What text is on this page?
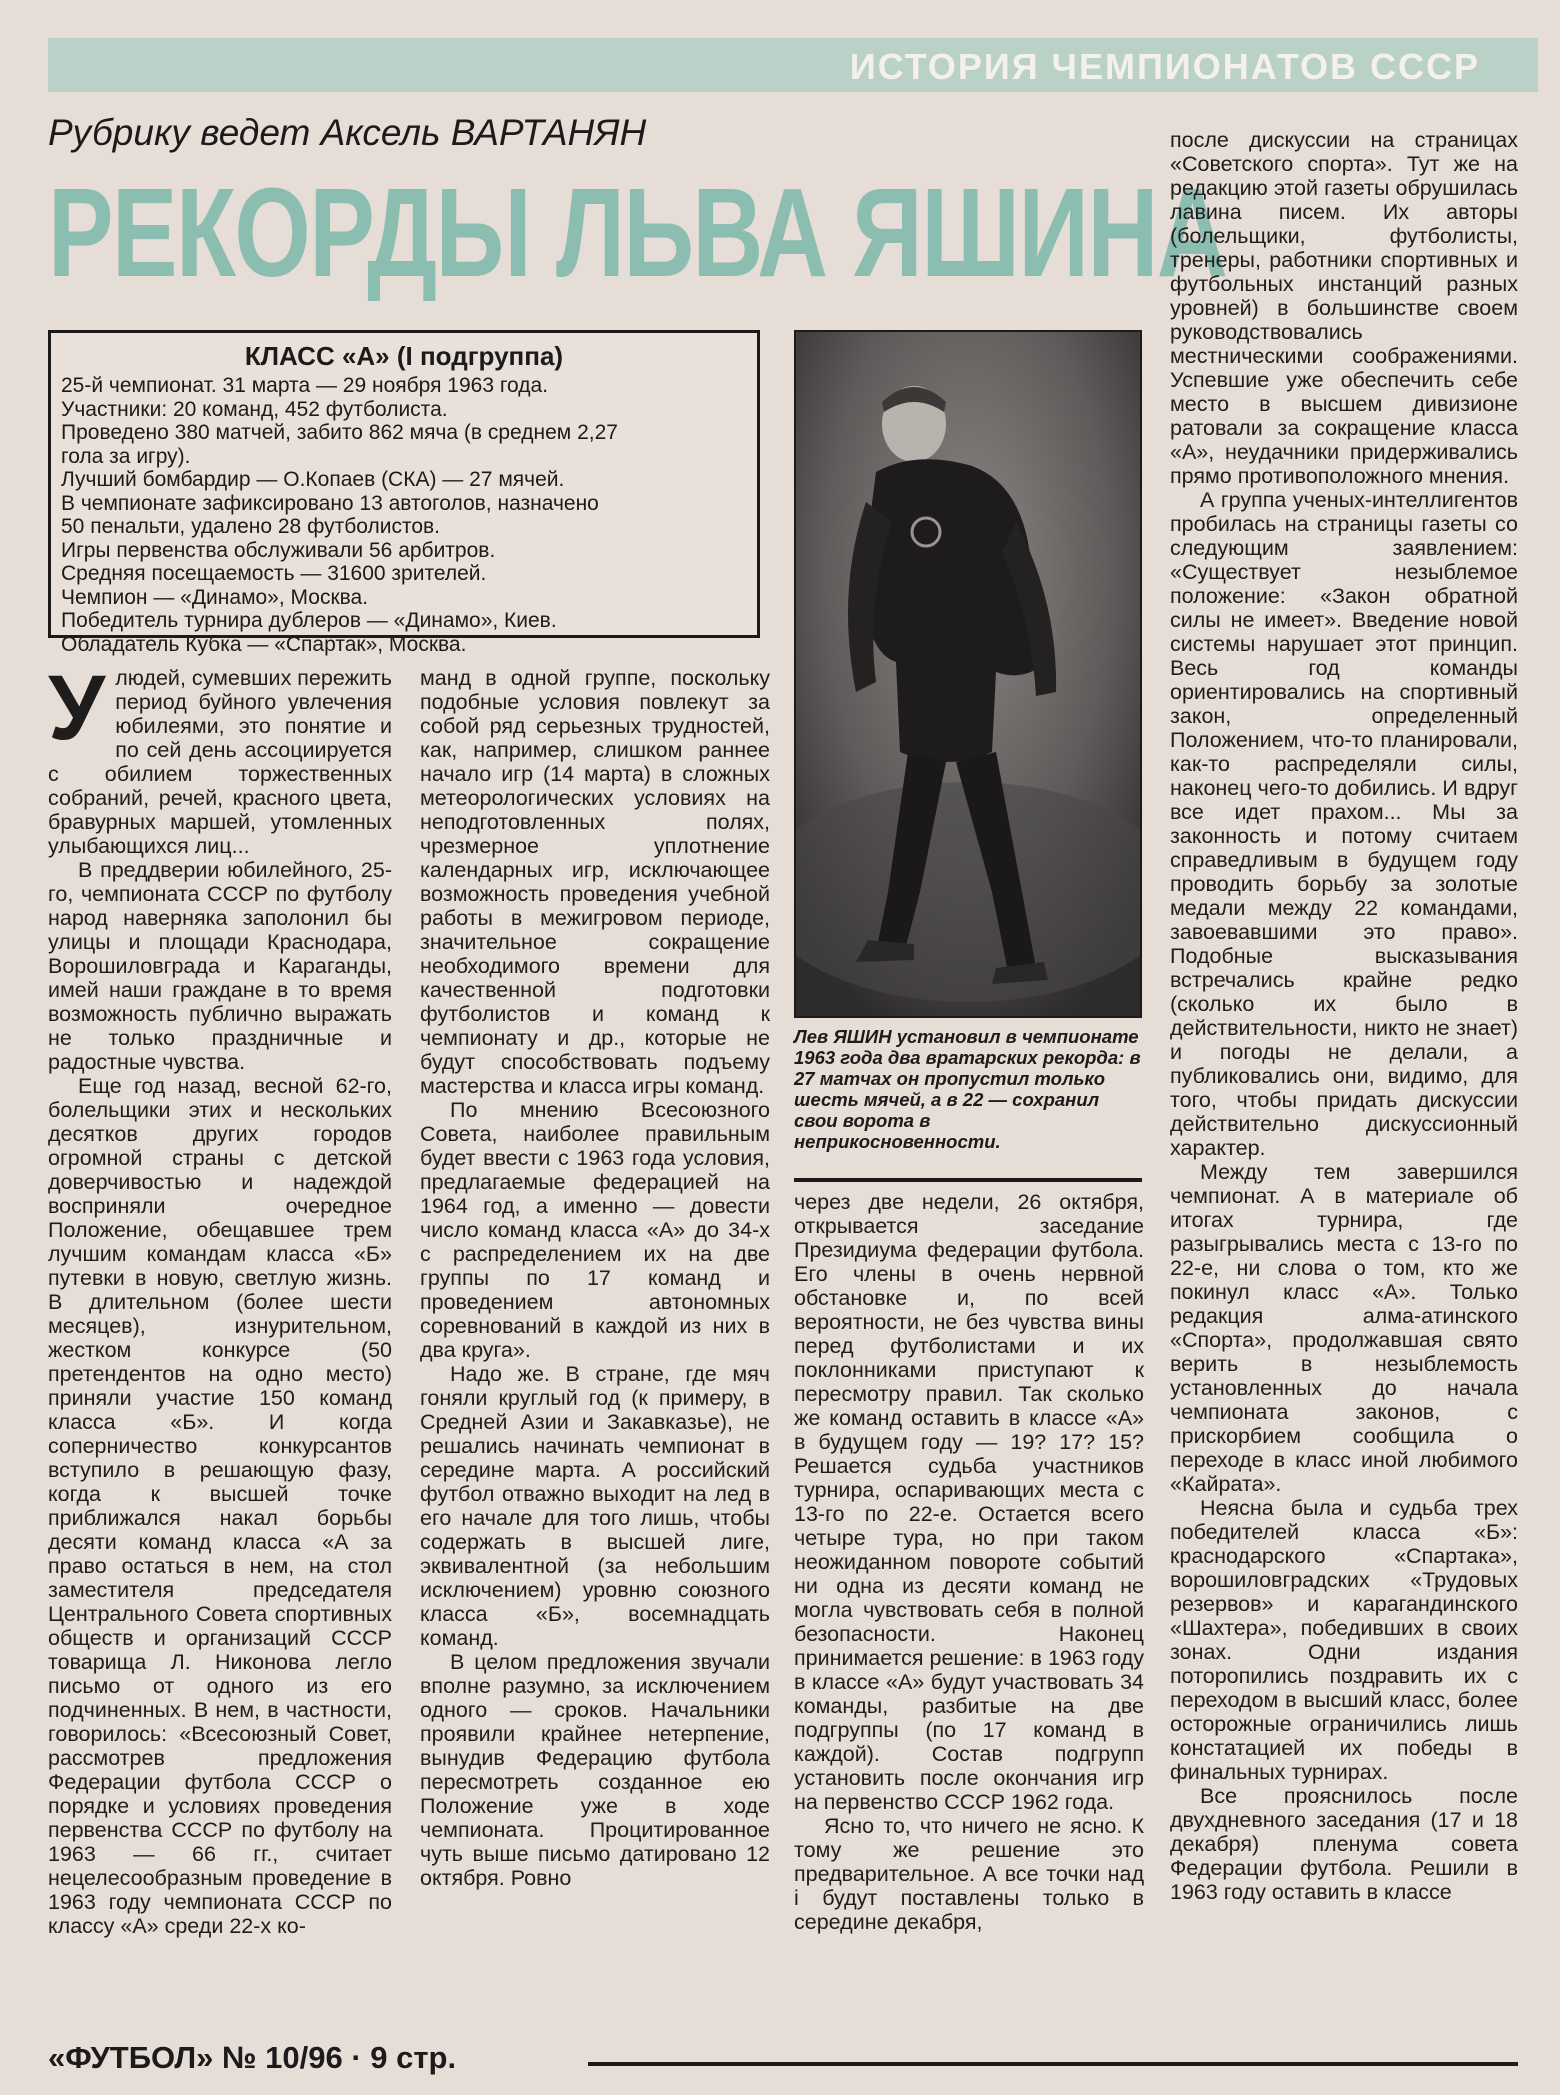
ИСТОРИЯ ЧЕМПИОНАТОВ СССР
Рубрику ведет Аксель ВАРТАНЯН
РЕКОРДЫ ЛЬВА ЯШИНА
КЛАСС «А» (I подгруппа)
25-й чемпионат. 31 марта — 29 ноября 1963 года.
Участники: 20 команд, 452 футболиста.
Проведено 380 матчей, забито 862 мяча (в среднем 2,27
гола за игру).
Лучший бомбардир — О.Копаев (СКА) — 27 мячей.
В чемпионате зафиксировано 13 автоголов, назначено
50 пенальти, удалено 28 футболистов.
Игры первенства обслуживали 56 арбитров.
Средняя посещаемость — 31600 зрителей.
Чемпион — «Динамо», Москва.
Победитель турнира дублеров — «Динамо», Киев.
Обладатель Кубка — «Спартак», Москва.
Лев ЯШИН установил в чемпионате 1963 года два вратарских рекорда: в 27 матчах он пропустил только шесть мячей, а в 22 — сохранил свои ворота в неприкосновенности.
У людей, сумевших пережить период буйного увлечения юбилеями, это понятие и по сей день ассоциируется с обилием торжественных собраний, речей, красного цвета, бравурных маршей, утомленных улыбающихся лиц...

В преддверии юбилейного, 25-го, чемпионата СССР по футболу народ наверняка заполонил бы улицы и площади Краснодара, Ворошиловграда и Караганды, имей наши граждане в то время возможность публично выражать не только праздничные и радостные чувства.

Еще год назад, весной 62-го, болельщики этих и нескольких десятков других городов огромной страны с детской доверчивостью и надеждой восприняли очередное Положение, обещавшее трем лучшим командам класса «Б» путевки в новую, светлую жизнь. В длительном (более шести месяцев), изнурительном, жестком конкурсе (50 претендентов на одно место) приняли участие 150 команд класса «Б». И когда соперничество конкурсантов вступило в решающую фазу, когда к высшей точке приближался накал борьбы десяти команд класса «А за право остаться в нем, на стол заместителя председателя Центрального Совета спортивных обществ и организаций СССР товарища Л. Никонова легло письмо от одного из его подчиненных. В нем, в частности, говорилось: «Всесоюзный Совет, рассмотрев предложения Федерации футбола СССР о порядке и условиях проведения первенства СССР по футболу на 1963 — 66 гг., считает нецелесообразным проведение в 1963 году чемпионата СССР по классу «А» среди 22-х ко-

манд в одной группе, поскольку подобные условия повлекут за собой ряд серьезных трудностей, как, например, слишком раннее начало игр (14 марта) в сложных метеорологических условиях на неподготовленных полях, чрезмерное уплотнение календарных игр, исключающее возможность проведения учебной работы в межигровом периоде, значительное сокращение необходимого времени для качественной подготовки футболистов и команд к чемпионату и др., которые не будут способствовать подъему мастерства и класса игры команд.

По мнению Всесоюзного Совета, наиболее правильным будет ввести с 1963 года условия, предлагаемые федерацией на 1964 год, а именно — довести число команд класса «А» до 34-х с распределением их на две группы по 17 команд и проведением автономных соревнований в каждой из них в два круга».

Надо же. В стране, где мяч гоняли круглый год (к примеру, в Средней Азии и Закавказье), не решались начинать чемпионат в середине марта. А российский футбол отважно выходит на лед в его начале для того лишь, чтобы содержать в высшей лиге, эквивалентной (за небольшим исключением) уровню союзного класса «Б», восемнадцать команд.

В целом предложения звучали вполне разумно, за исключением одного — сроков. Начальники проявили крайнее нетерпение, вынудив Федерацию футбола пересмотреть созданное ею Положение уже в ходе чемпионата. Процитированное чуть выше письмо датировано 12 октября. Ровно

через две недели, 26 октября, открывается заседание Президиума федерации футбола. Его члены в очень нервной обстановке и, по всей вероятности, не без чувства вины перед футболистами и их поклонниками приступают к пересмотру правил. Так сколько же команд оставить в классе «А» в будущем году — 19? 17? 15? Решается судьба участников турнира, оспаривающих места с 13-го по 22-е. Остается всего четыре тура, но при таком неожиданном повороте событий ни одна из десяти команд не могла чувствовать себя в полной безопасности. Наконец принимается решение: в 1963 году в классе «А» будут участвовать 34 команды, разбитые на две подгруппы (по 17 команд в каждой). Состав подгрупп установить после окончания игр на первенство СССР 1962 года.

Ясно то, что ничего не ясно. К тому же решение это предварительное. А все точки над i будут поставлены только в середине декабря,

после дискуссии на страницах «Советского спорта». Тут же на редакцию этой газеты обрушилась лавина писем. Их авторы (болельщики, футболисты, тренеры, работники спортивных и футбольных инстанций разных уровней) в большинстве своем руководствовались местническими соображениями. Успевшие уже обеспечить себе место в высшем дивизионе ратовали за сокращение класса «А», неудачники придерживались прямо противоположного мнения.

А группа ученых-интеллигентов пробилась на страницы газеты со следующим заявлением: «Существует незыблемое положение: «Закон обратной силы не имеет». Введение новой системы нарушает этот принцип. Весь год команды ориентировались на спортивный закон, определенный Положением, что-то планировали, как-то распределяли силы, наконец чего-то добились. И вдруг все идет прахом... Мы за законность и потому считаем справедливым в будущем году проводить борьбу за золотые медали между 22 командами, завоевавшими это право». Подобные высказывания встречались крайне редко (сколько их было в действительности, никто не знает) и погоды не делали, а публиковались они, видимо, для того, чтобы придать дискуссии действительно дискуссионный характер.

Между тем завершился чемпионат. А в материале об итогах турнира, где разыгрывались места с 13-го по 22-е, ни слова о том, кто же покинул класс «А». Только редакция алма-атинского «Спорта», продолжавшая свято верить в незыблемость установленных до начала чемпионата законов, с прискорбием сообщила о переходе в класс иной любимого «Кайрата».

Неясна была и судьба трех победителей класса «Б»: краснодарского «Спартака», ворошиловградских «Трудовых резервов» и карагандинского «Шахтера», победивших в своих зонах. Одни издания поторопились поздравить их с переходом в высший класс, более осторожные ограничились лишь констатацией их победы в финальных турнирах.

Все прояснилось после двухдневного заседания (17 и 18 декабря) пленума совета Федерации футбола. Решили в 1963 году оставить в классе

«ФУТБОЛ» № 10/96 · 9 стр.
